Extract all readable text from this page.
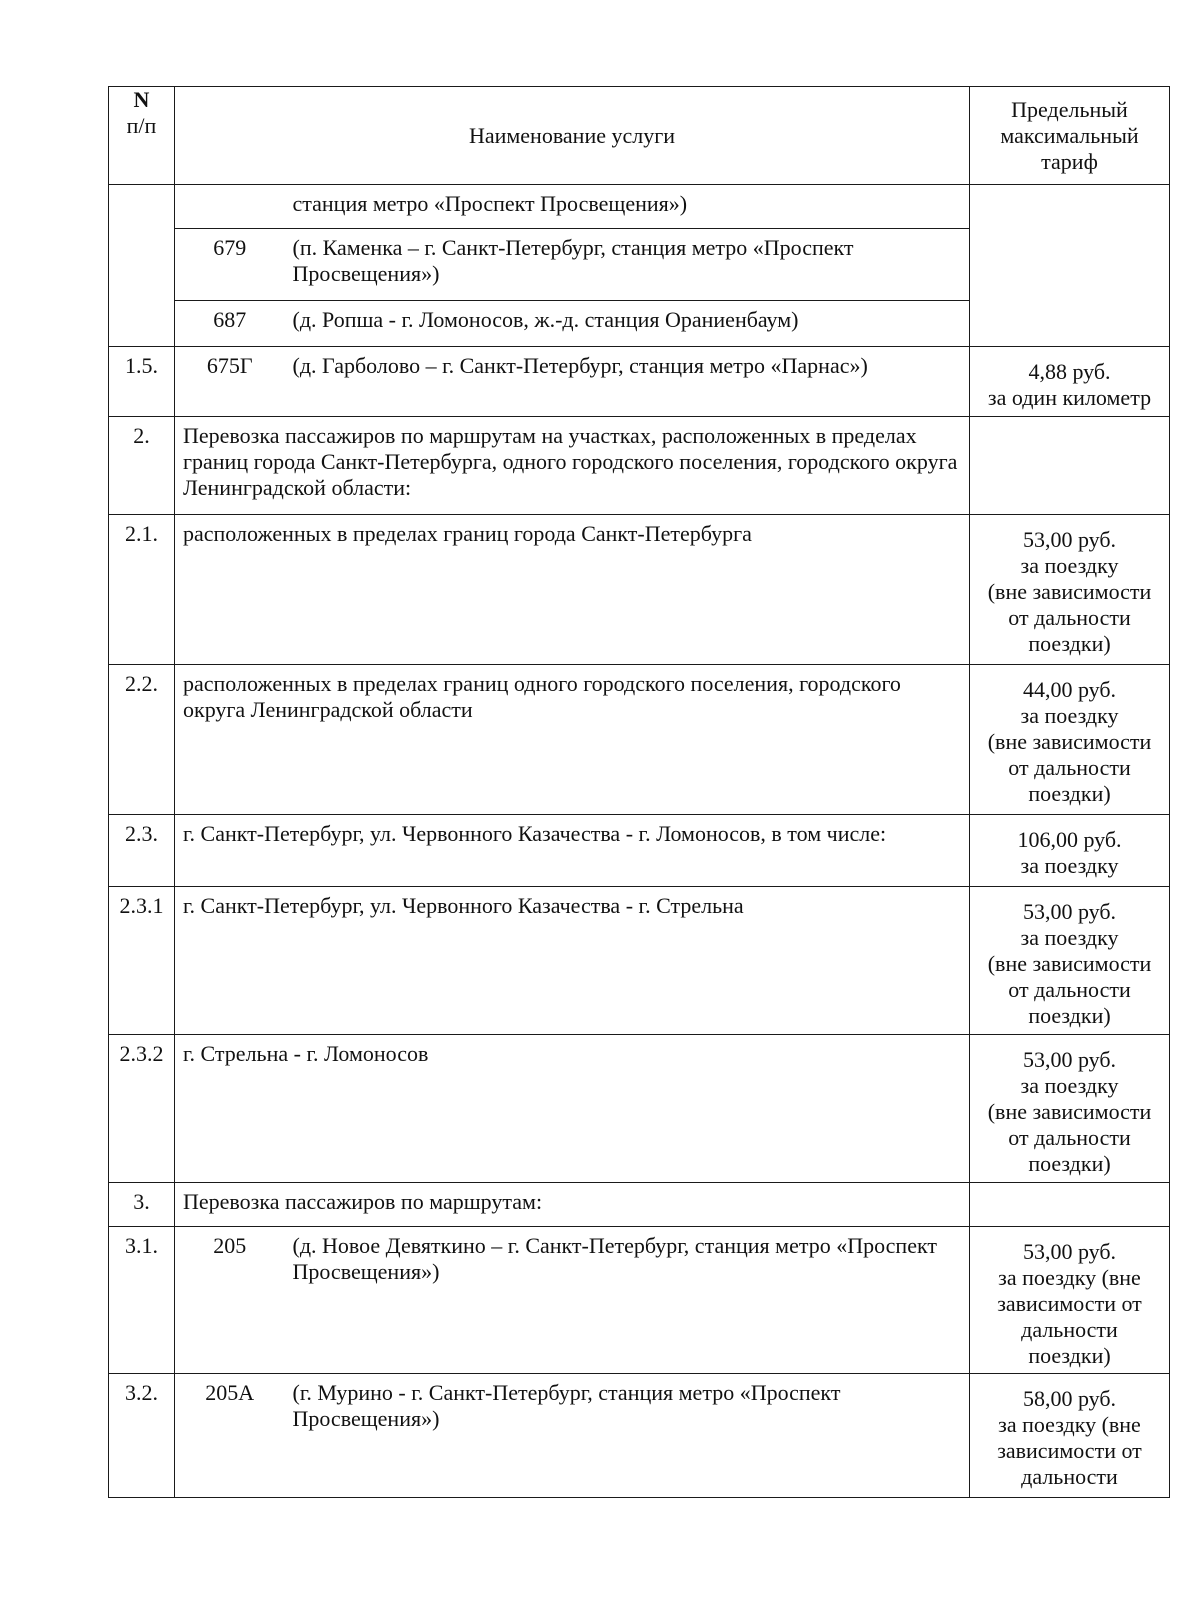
N
п/п	Наименование услуги		Предельный
максимальный
тариф

		станция метро «Проспект Просвещения»)	
	679	(п. Каменка – г. Санкт-Петербург, станция метро «Проспект Просвещения»)	
	687	(д. Ропша - г. Ломоносов, ж.-д. станция Ораниенбаум)	
1.5.	675Г	(д. Гарболово – г. Санкт-Петербург, станция метро «Парнас»)	4,88 руб.
за один километр

2.	Перевозка пассажиров по маршрутам на участках, расположенных в пределах границ города Санкт-Петербурга, одного городского поселения, городского округа Ленинградской области:		
2.1.	расположенных в пределах границ города Санкт-Петербурга		53,00 руб.
за поездку
(вне зависимости
от дальности
поездки)

2.2.	расположенных в пределах границ одного городского поселения, городского округа Ленинградской области		44,00 руб.
за поездку
(вне зависимости
от дальности
поездки)

2.3.	г. Санкт-Петербург, ул. Червонного Казачества - г. Ломоносов, в том числе:		106,00 руб.
за поездку

2.3.1	г. Санкт-Петербург, ул. Червонного Казачества - г. Стрельна		53,00 руб.
за поездку
(вне зависимости
от дальности
поездки)

2.3.2	г. Стрельна - г. Ломоносов		53,00 руб.
за поездку
(вне зависимости
от дальности
поездки)

3.	Перевозка пассажиров по маршрутам:		
3.1.	205	(д. Новое Девяткино – г. Санкт-Петербург, станция метро «Проспект Просвещения»)	53,00 руб.
за поездку (вне
зависимости от
дальности
поездки)

3.2.	205А	(г. Мурино - г. Санкт-Петербург, станция метро «Проспект Просвещения»)	58,00 руб.
за поездку (вне
зависимости от
дальности
